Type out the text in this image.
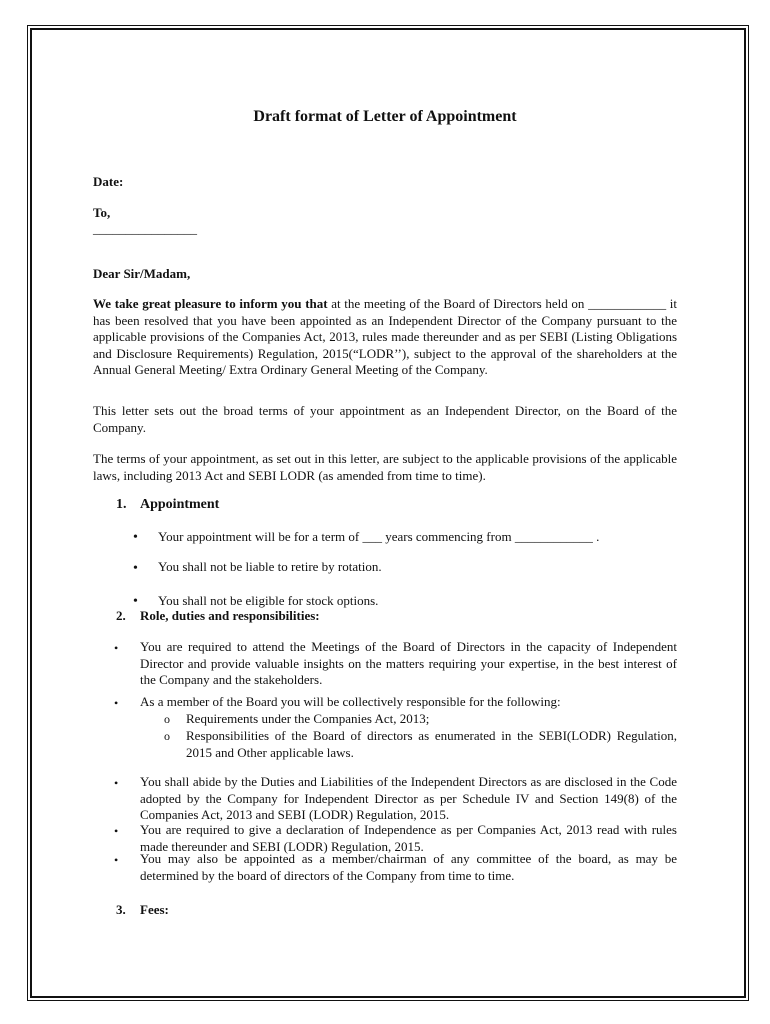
Draft format of Letter of Appointment
Date:
To,
________________
Dear Sir/Madam,
We take great pleasure to inform you that at the meeting of the Board of Directors held on ____________ it has been resolved that you have been appointed as an Independent Director of the Company pursuant to the applicable provisions of the Companies Act, 2013, rules made thereunder and as per SEBI (Listing Obligations and Disclosure Requirements) Regulation, 2015(“LODR’’), subject to the approval of the shareholders at the Annual General Meeting/ Extra Ordinary General Meeting of the Company.
This letter sets out the broad terms of your appointment as an Independent Director, on the Board of the Company.
The terms of your appointment, as set out in this letter, are subject to the applicable provisions of the applicable laws, including 2013 Act and SEBI LODR (as amended from time to time).
1. Appointment
• Your appointment will be for a term of ___ years commencing from ____________ .
• You shall not be liable to retire by rotation.
• You shall not be eligible for stock options.
2. Role, duties and responsibilities:
• You are required to attend the Meetings of the Board of Directors in the capacity of Independent Director and provide valuable insights on the matters requiring your expertise, in the best interest of the Company and the stakeholders.
• As a member of the Board you will be collectively responsible for the following:
o Requirements under the Companies Act, 2013;
o Responsibilities of the Board of directors as enumerated in the SEBI(LODR) Regulation, 2015 and Other applicable laws.
• You shall abide by the Duties and Liabilities of the Independent Directors as are disclosed in the Code adopted by the Company for Independent Director as per Schedule IV and Section 149(8) of the Companies Act, 2013 and SEBI (LODR) Regulation, 2015.
• You are required to give a declaration of Independence as per Companies Act, 2013 read with rules made thereunder and SEBI (LODR) Regulation, 2015.
• You may also be appointed as a member/chairman of any committee of the board, as may be determined by the board of directors of the Company from time to time.
3. Fees:
